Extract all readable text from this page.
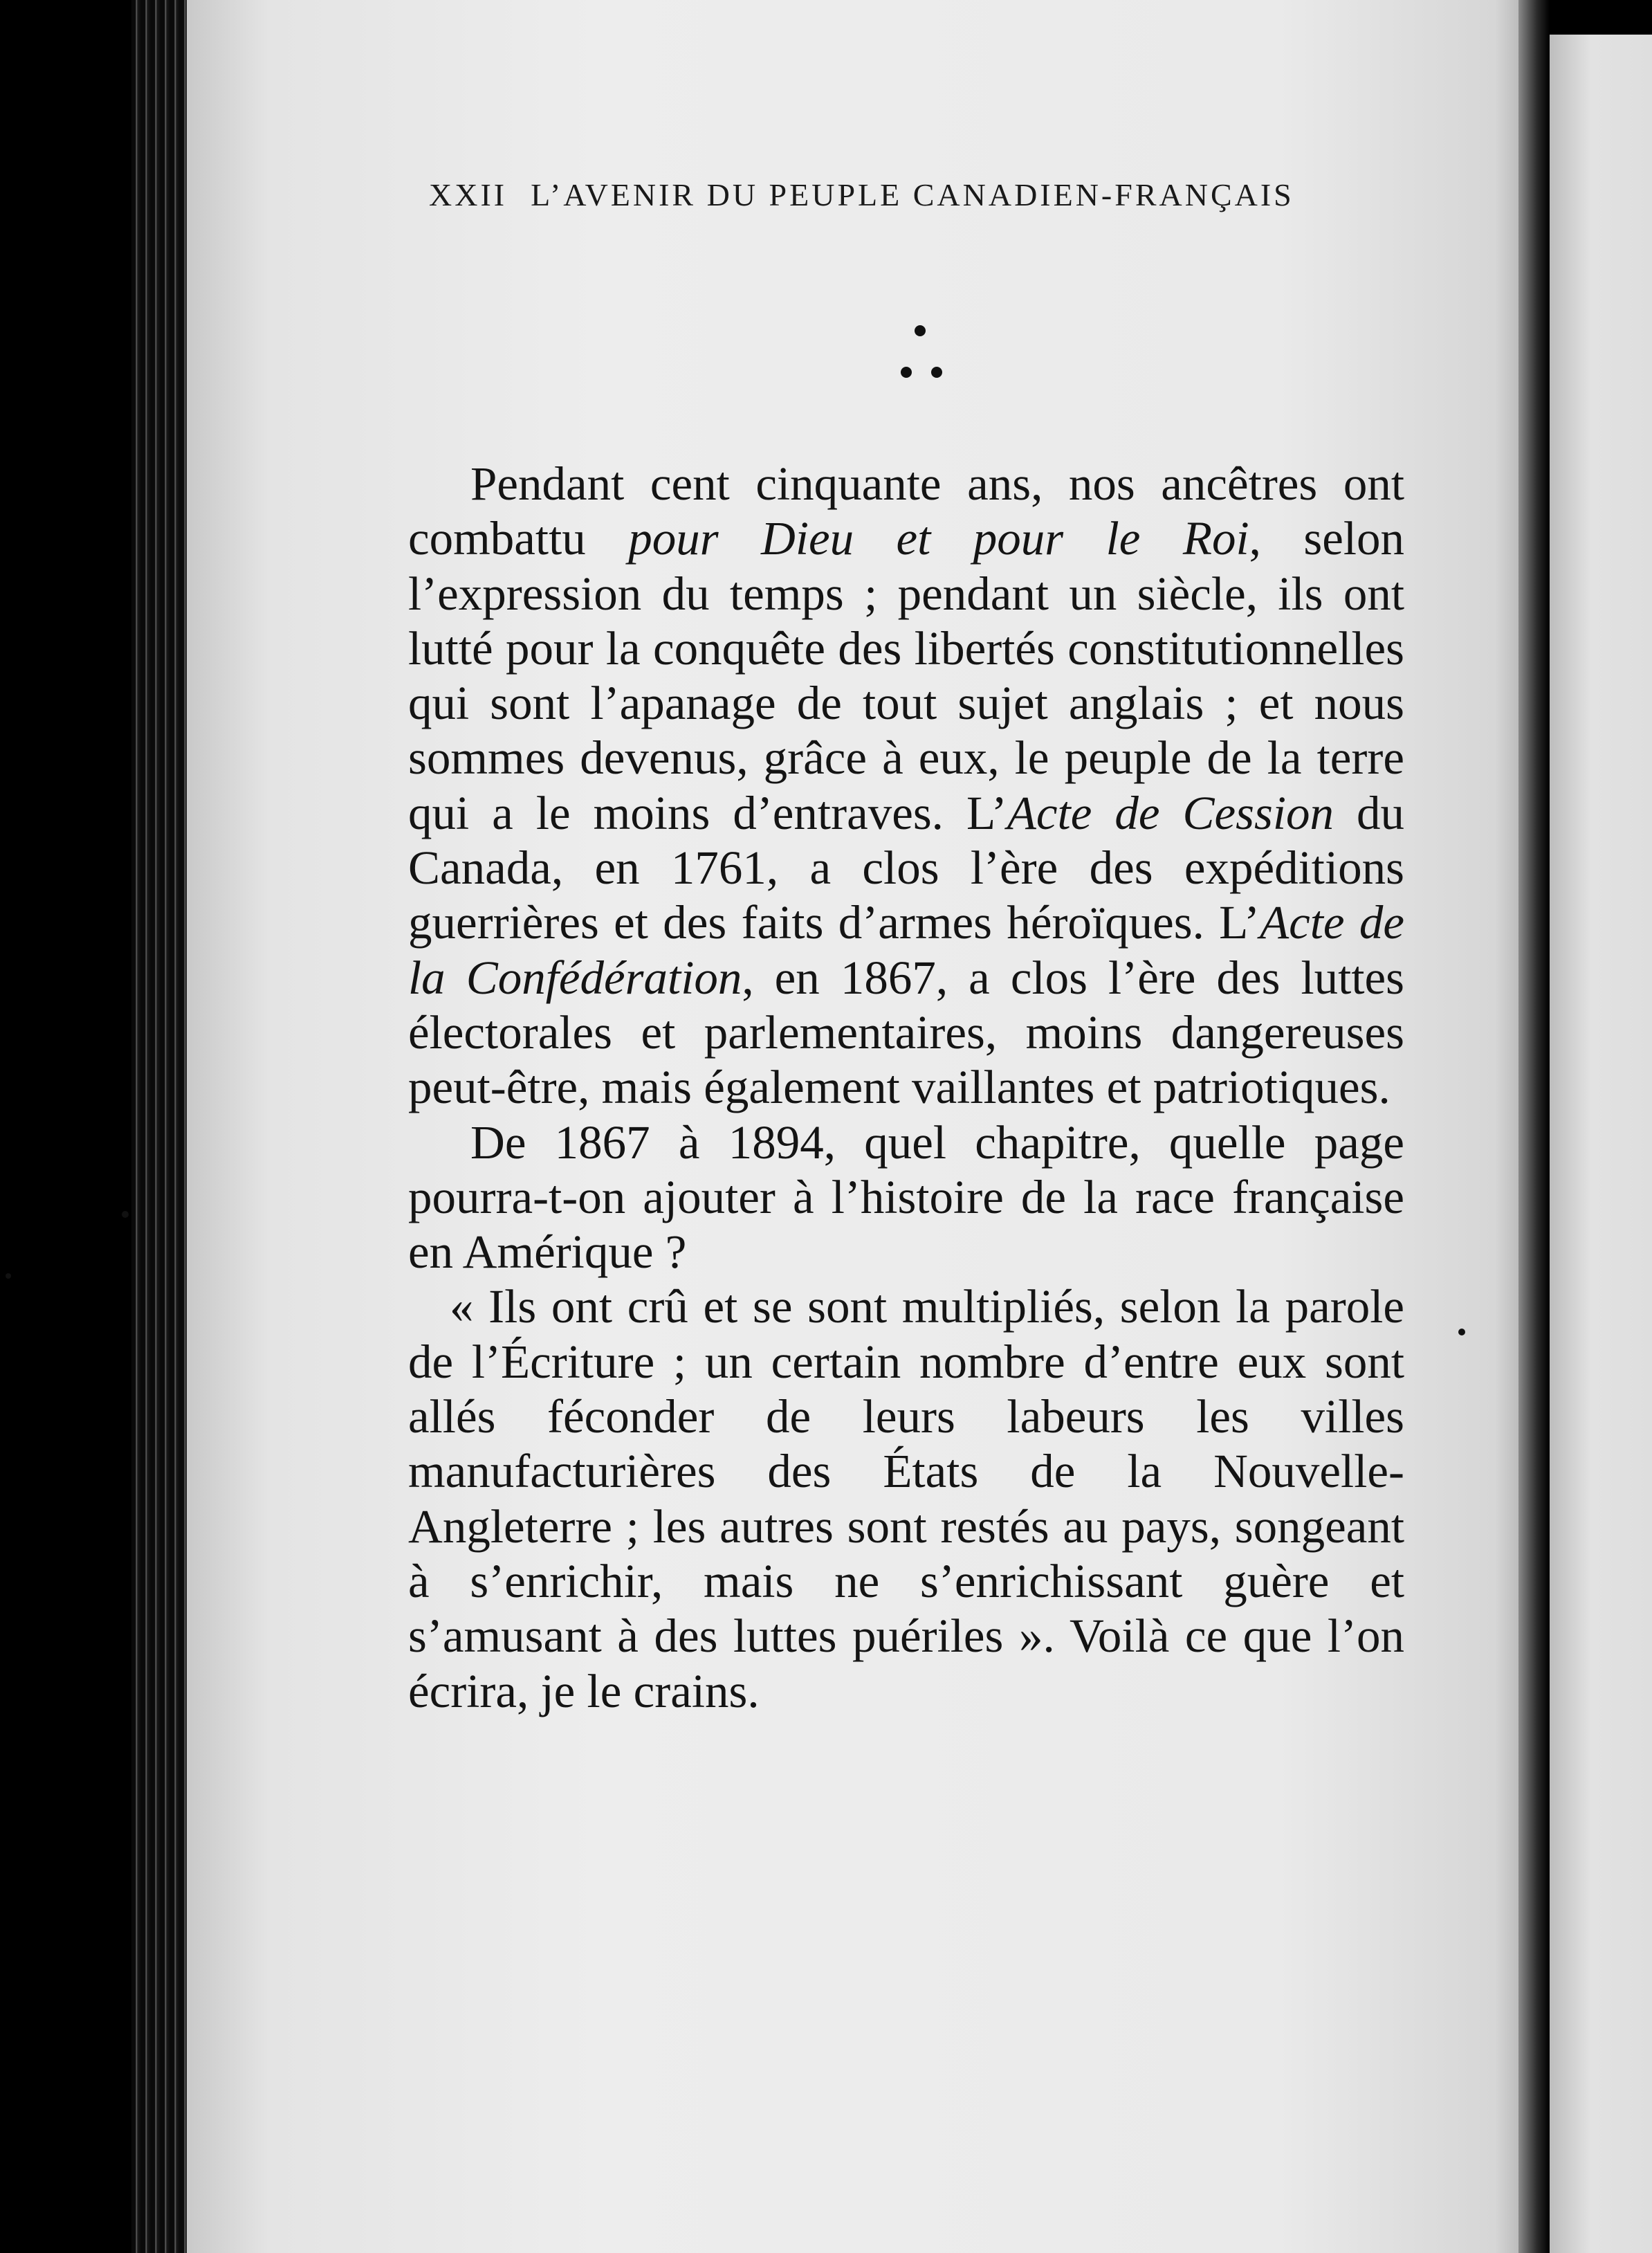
XXII L’AVENIR DU PEUPLE CANADIEN-FRANÇAIS

Pendant cent cinquante ans, nos ancêtres ont combattu pour Dieu et pour le Roi, selon l’expression du temps ; pendant un siècle, ils ont lutté pour la conquête des libertés constitutionnelles qui sont l’apanage de tout sujet anglais ; et nous sommes devenus, grâce à eux, le peuple de la terre qui a le moins d’entraves. L’Acte de Cession du Canada, en 1761, a clos l’ère des expéditions guerrières et des faits d’armes héroïques. L’Acte de la Confédération, en 1867, a clos l’ère des luttes électorales et parlementaires, moins dangereuses peut-être, mais également vaillantes et patriotiques.

De 1867 à 1894, quel chapitre, quelle page pourra-t-on ajouter à l’histoire de la race française en Amérique ?

« Ils ont crû et se sont multipliés, selon la parole de l’Écriture ; un certain nombre d’entre eux sont allés féconder de leurs labeurs les villes manufacturières des États de la Nouvelle-Angleterre ; les autres sont restés au pays, songeant à s’enrichir, mais ne s’enrichissant guère et s’amusant à des luttes puériles ». Voilà ce que l’on écrira, je le crains.
